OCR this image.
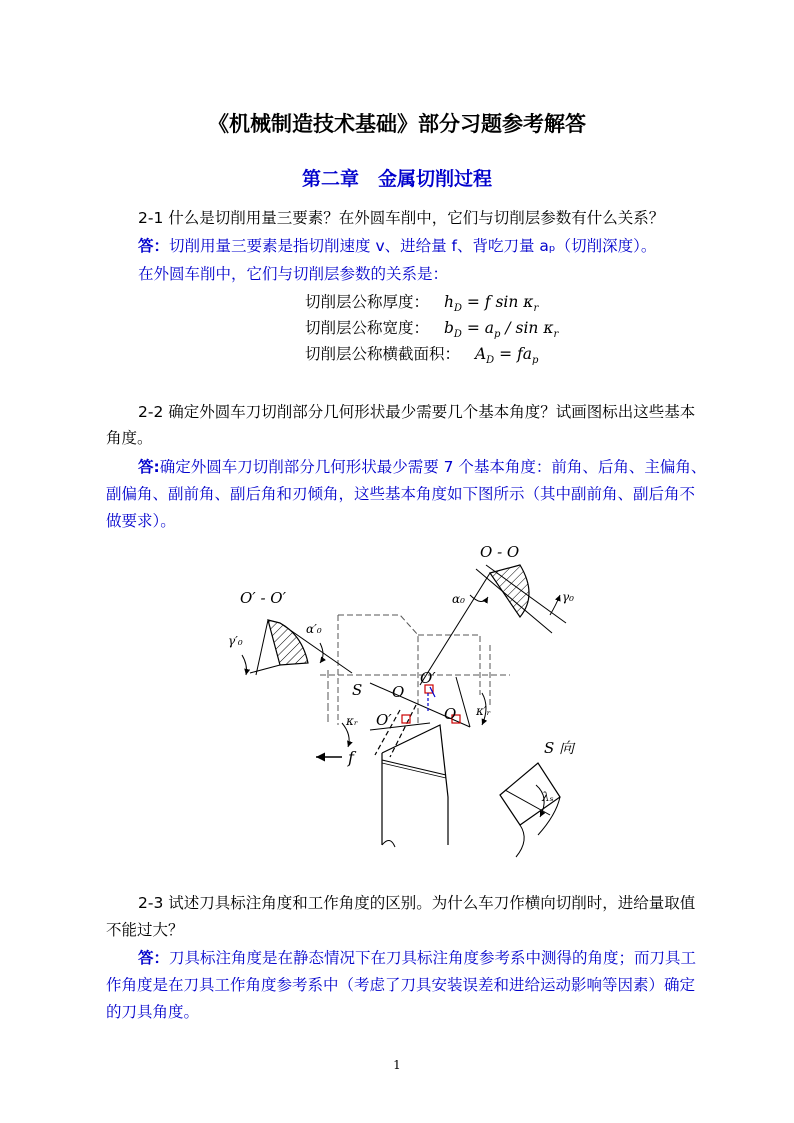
《机械制造技术基础》部分习题参考解答
第二章　金属切削过程
2-1 什么是切削用量三要素？在外圆车削中，它们与切削层参数有什么关系？
答：切削用量三要素是指切削速度 v、进给量 f、背吃刀量 aₚ（切削深度）。
在外圆车削中，它们与切削层参数的关系是：
切削层公称厚度： $h_D = f$ $\sin \kappa_r$
切削层公称宽度： $b_D = a_p / \sin \kappa_r$
切削层公称横截面积： $A_D = fa_p$
2-2 确定外圆车刀切削部分几何形状最少需要几个基本角度？试画图标出这些基本
角度。
答:确定外圆车刀切削部分几何形状最少需要 7 个基本角度：前角、后角、主偏角、
副偏角、副前角、副后角和刃倾角，这些基本角度如下图所示（其中副前角、副后角不
做要求）。
O - O
O′ - O′
S O
O′
O′	O
f	S 向
γ₀
α₀
γ′₀
α′₀
κᵣ
κ′ᵣ
λₛ
2-3 试述刀具标注角度和工作角度的区别。为什么车刀作横向切削时，进给量取值
不能过大？
答：刀具标注角度是在静态情况下在刀具标注角度参考系中测得的角度；而刀具工
作角度是在刀具工作角度参考系中（考虑了刀具安装误差和进给运动影响等因素）确定
的刀具角度。
1
